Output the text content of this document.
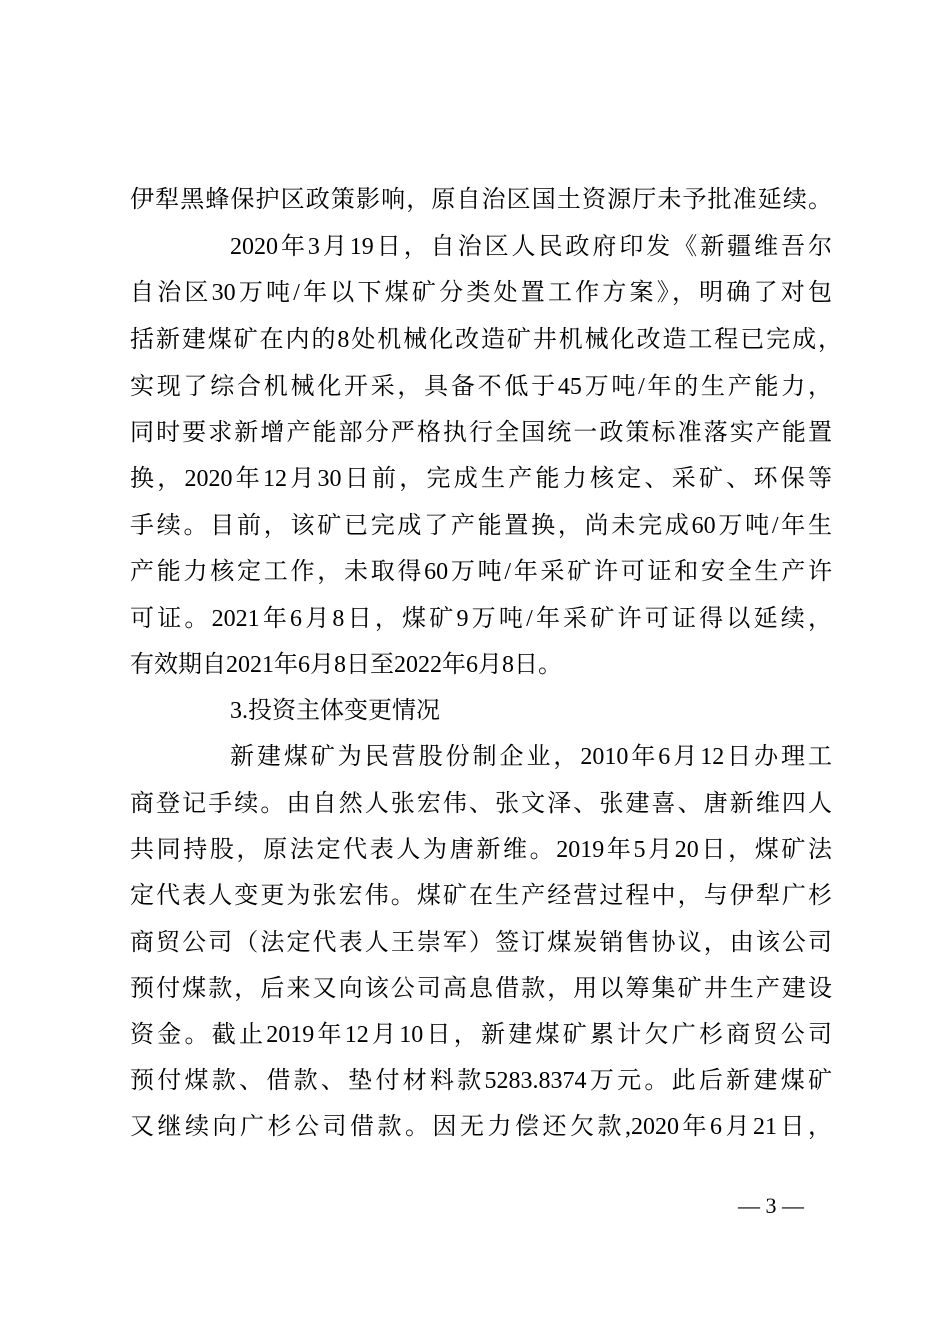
伊犁黑蜂保护区政策影响，原自治区国土资源厅未予批准延续。
2020年3月19日，自治区人民政府印发《新疆维吾尔
自治区30万吨/年以下煤矿分类处置工作方案》，明确了对包
括新建煤矿在内的8处机械化改造矿井机械化改造工程已完成，
实现了综合机械化开采，具备不低于45万吨/年的生产能力，
同时要求新增产能部分严格执行全国统一政策标准落实产能置
换，2020年12月30日前，完成生产能力核定、采矿、环保等
手续。目前，该矿已完成了产能置换，尚未完成60万吨/年生
产能力核定工作，未取得60万吨/年采矿许可证和安全生产许
可证。2021年6月8日，煤矿9万吨/年采矿许可证得以延续，
有效期自2021年6月8日至2022年6月8日。
3.投资主体变更情况
新建煤矿为民营股份制企业，2010年6月12日办理工
商登记手续。由自然人张宏伟、张文泽、张建喜、唐新维四人
共同持股，原法定代表人为唐新维。2019年5月20日，煤矿法
定代表人变更为张宏伟。煤矿在生产经营过程中，与伊犁广杉
商贸公司（法定代表人王崇军）签订煤炭销售协议，由该公司
预付煤款，后来又向该公司高息借款，用以筹集矿井生产建设
资金。截止2019年12月10日，新建煤矿累计欠广杉商贸公司
预付煤款、借款、垫付材料款5283.8374万元。此后新建煤矿
又继续向广杉公司借款。因无力偿还欠款,2020年6月21日，
— 3 —
